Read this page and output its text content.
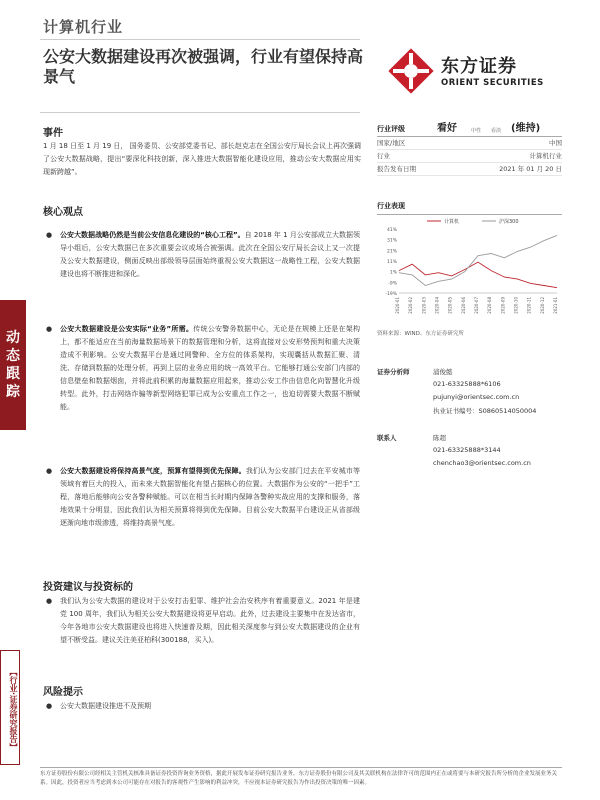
动
态
跟
踪
【行业·证券研究报告】
计算机行业
公安大数据建设再次被强调，行业有望保持高景气	东方证券
ORIENT SECURITIES
事件
1 月 18 日至 1 月 19 日， 国务委员、公安部党委书记、部长赵克志在全国公安厅局长会议上再次强调了公安大数据战略，提出“要深化科技创新，深入推进大数据智能化建设应用，推动公安大数据应用实现新跨越”。
核心观点
● 公安大数据战略仍然是当前公安信息化建设的“核心工程”。自 2018 年 1 月公安部成立大数据领导小组后，公安大数据已在多次重要会议或场合被强调。此次在全国公安厅局长会议上又一次提及公安大数据建设，侧面反映出部级领导层面始终重视公安大数据这一战略性工程，公安大数据建设也将不断推进和深化。
● 公安大数据建设是公安实际“业务”所需。传统公安警务数据中心，无论是在规模上还是在架构上，都不能适应在当前海量数据场景下的数据管理和分析，这将直接对公安形势预判和重大决策造成不利影响。公安大数据平台是通过网警种、全方位的体系架构，实现囊括从数据汇聚、清洗、存储到数据的处理分析，再到上层的业务应用的统一高效平台。它能够打通公安部门内部的信息壁垒和数据烟囱，并将此前积累的海量数据应用起来，推动公安工作由信息化向智慧化升级转型。此外，打击网络诈骗等新型网络犯罪已成为公安重点工作之一，也迫切需要大数据不断赋能。
● 公安大数据建设将保持高景气度，预算有望得到优先保障。我们认为公安部门过去在平安城市等领域有着巨大的投入，而未来大数据智能化有望占据核心的位置。大数据作为公安的“一把手”工程，落地后能够向公安各警种赋能。可以在相当长时期内保障各警种实战应用的支撑和服务，落地效果十分明显，因此我们认为相关预算将得到优先保障。目前公安大数据平台建设正从省部级逐渐向地市级渗透，将维持高景气度。
投资建议与投资标的
● 我们认为公安大数据的建设对于公安打击犯罪、维护社会治安秩序有着重要意义。2021 年是建党 100 周年，我们认为相关公安大数据建设将更早启动。此外，过去建设主要集中在发达省市，今年各地市公安大数据建设也将进入快速普及期，因此相关深度参与到公安大数据建设的企业有望不断受益。建议关注美亚柏科(300188，买入)。
风险提示
● 公安大数据建设推进不及预期
行业评级	看好	中性	看淡 (维持)
国家/地区	中国
行业	计算机行业
报告发布日期	2021 年 01 月 20 日
行业表现
41%
31%
21%
11%
1%
-9%
-19%
2020-01 2020-02 2020-03 2020-04 2020-05 2020-06 2020-07 2020-08 2020-09 2020-10 2020-11 2020-12 2021-01
计算机	沪深300
资料来源：WIND、东方证券研究所
证券分析师	浦俊懿
021-63325888*6106
pujunyi@orientsec.com.cn
执业证书编号：S0860514050004
联系人	陈超
021-63325888*3144
chenchao3@orientsec.com.cn
东方证券股份有限公司经相关主管机关核准具备证券投资咨询业务资格，据此开展发布证券研究报告业务。东方证券股份有限公司及其关联机构在法律许可的范围内正在或将要与本研究报告所分析的企业发展业务关系。因此，投资者应当考虑到本公司可能存在对报告的客观性产生影响的利益冲突，不应视本证券研究报告为作出投资决策的唯一因素。
